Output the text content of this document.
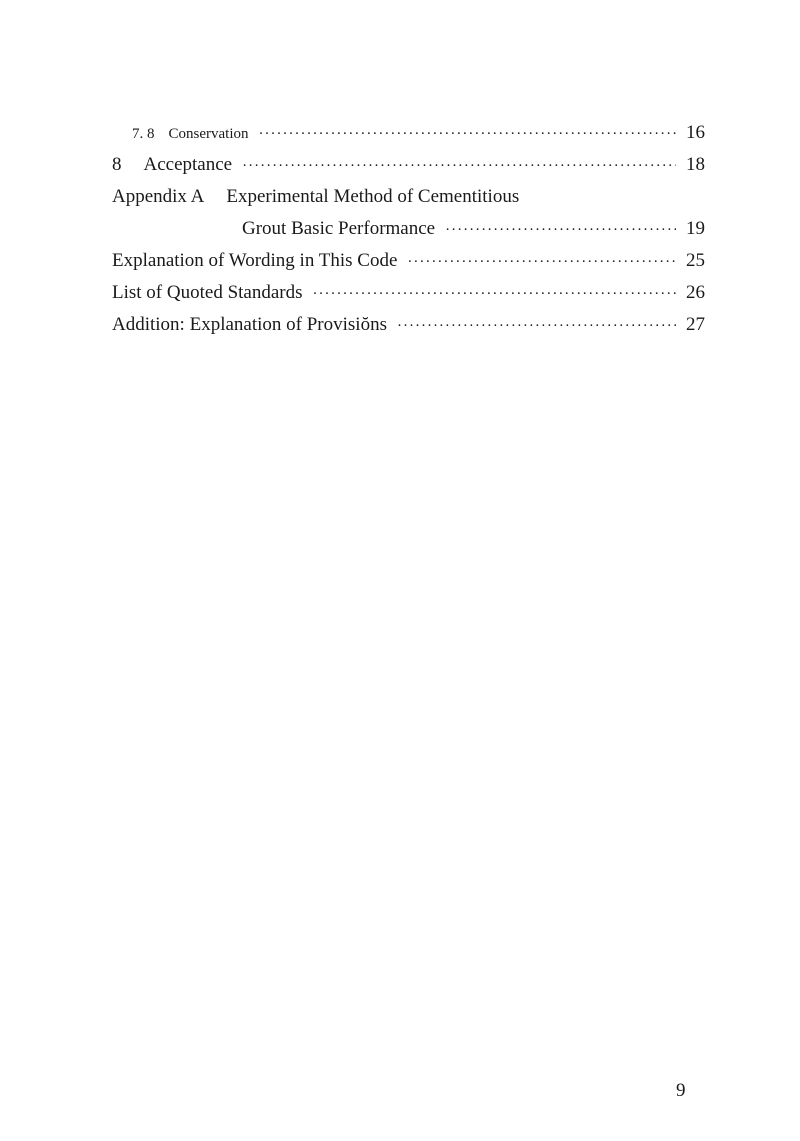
7. 8 Conservation ·····	16
8 Acceptance ·····	18
Appendix A Experimental Method of Cementitious
Grout Basic Performance ·····	19
Explanation of Wording in This Code ·····	25
List of Quoted Standards ·····	26
Addition: Explanation of Provisiŏns ·····	27
9
